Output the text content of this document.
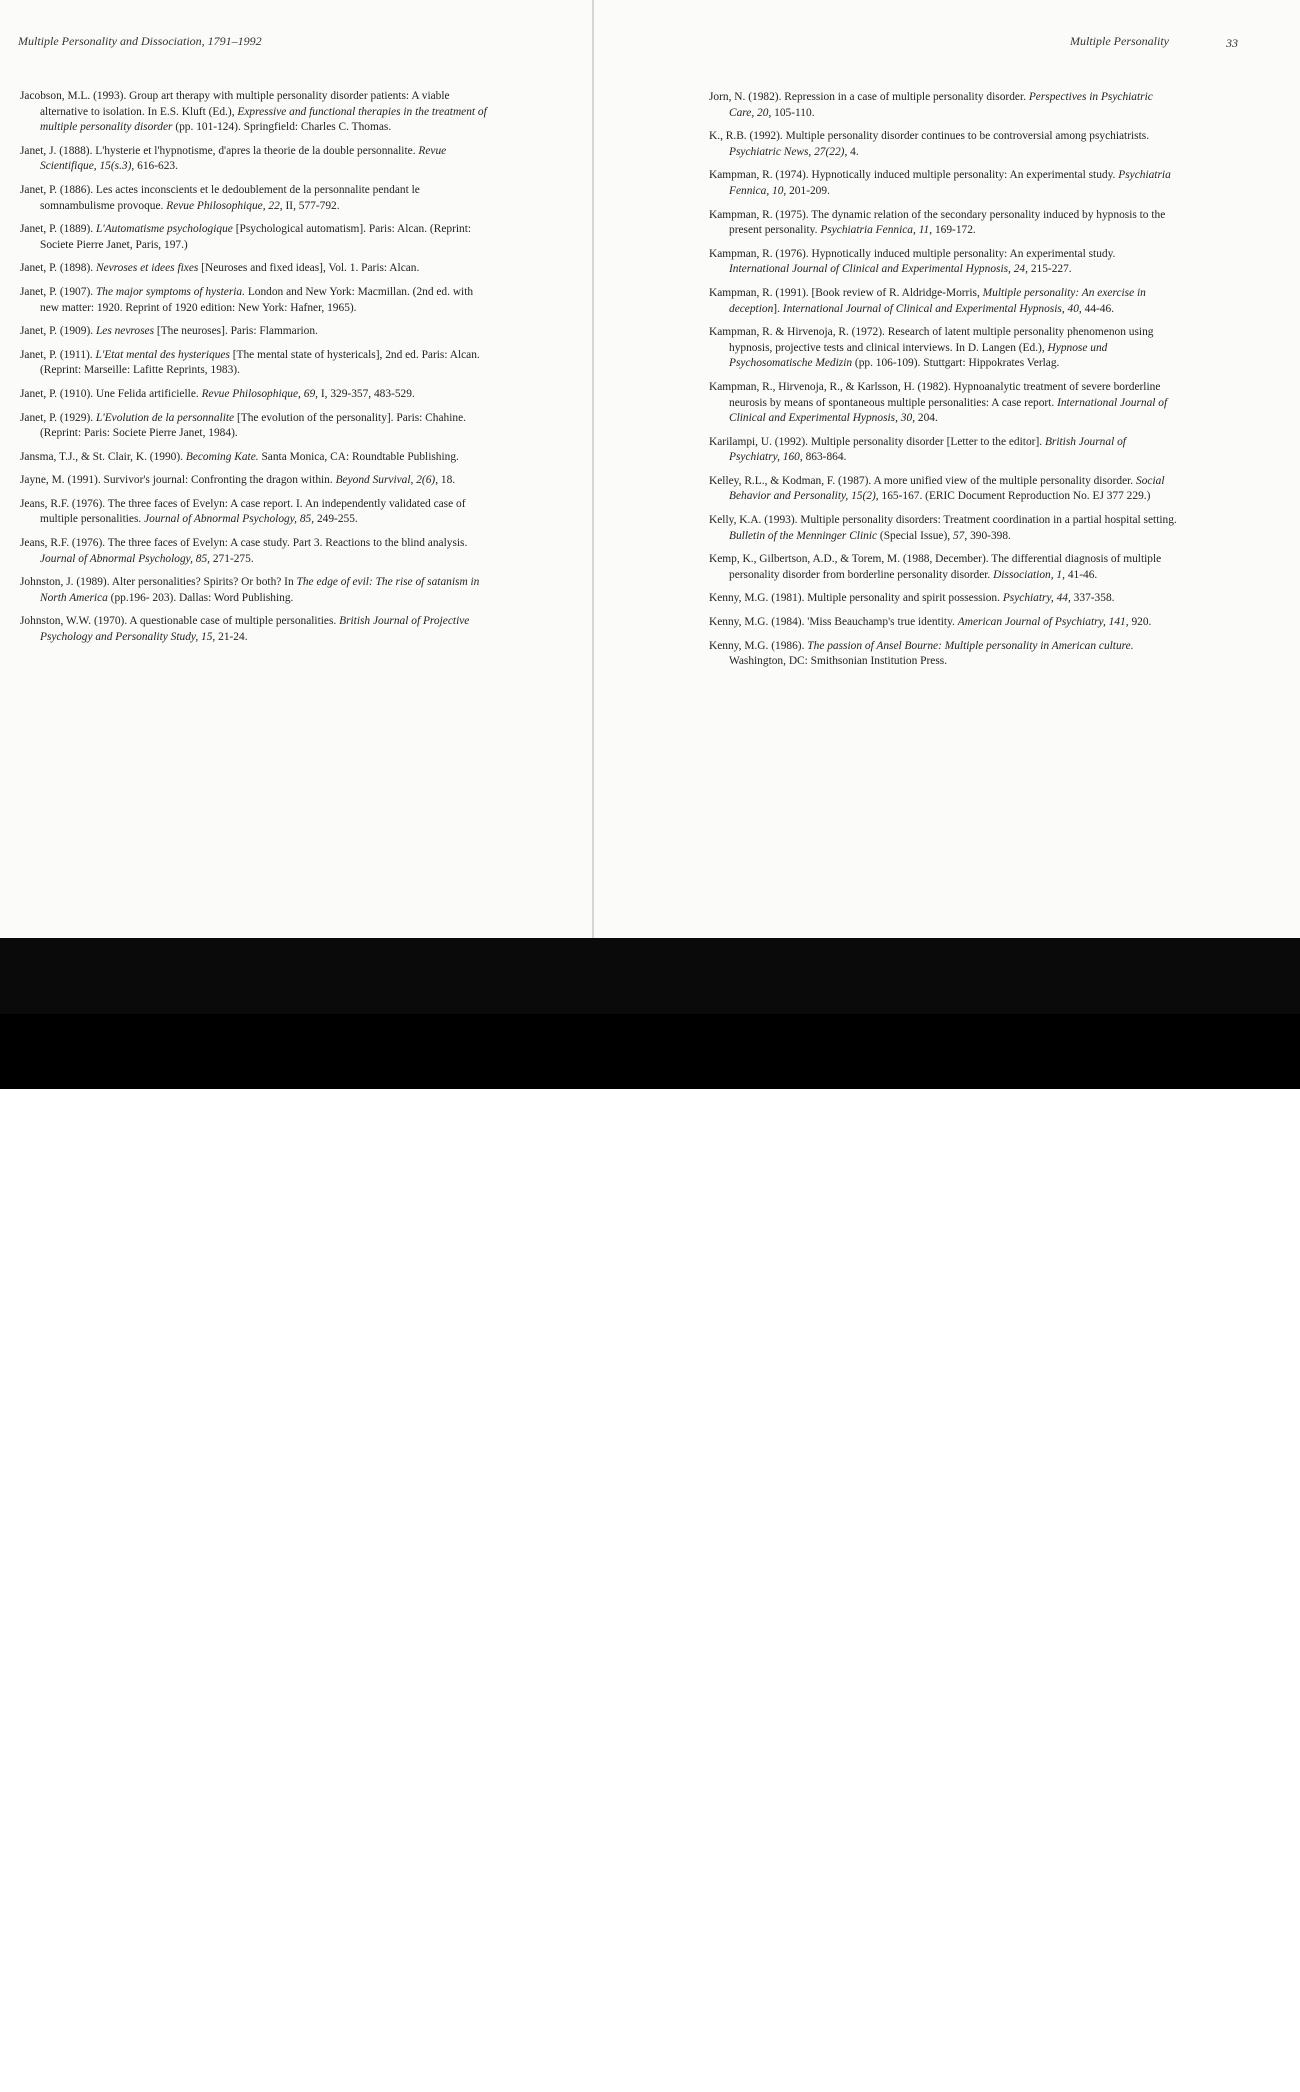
Multiple Personality and Dissociation, 1791–1992	Multiple Personality	33

Jacobson, M.L. (1993). Group art therapy with multiple personality disorder patients: A viable alternative to isolation. In E.S. Kluft (Ed.), Expressive and functional therapies in the treatment of multiple personality disorder (pp. 101-124). Springfield: Charles C. Thomas.

Janet, J. (1888). L'hysterie et l'hypnotisme, d'apres la theorie de la double personnalite. Revue Scientifique, 15(s.3), 616-623.

Janet, P. (1886). Les actes inconscients et le dedoublement de la personnalite pendant le somnambulisme provoque. Revue Philosophique, 22, II, 577-792.

Janet, P. (1889). L'Automatisme psychologique [Psychological automatism]. Paris: Alcan. (Reprint: Societe Pierre Janet, Paris, 197.)

Janet, P. (1898). Nevroses et idees fixes [Neuroses and fixed ideas], Vol. 1. Paris: Alcan.

Janet, P. (1907). The major symptoms of hysteria. London and New York: Macmillan. (2nd ed. with new matter: 1920. Reprint of 1920 edition: New York: Hafner, 1965).

Janet, P. (1909). Les nevroses [The neuroses]. Paris: Flammarion.

Janet, P. (1911). L'Etat mental des hysteriques [The mental state of hystericals], 2nd ed. Paris: Alcan. (Reprint: Marseille: Lafitte Reprints, 1983).

Janet, P. (1910). Une Felida artificielle. Revue Philosophique, 69, I, 329-357, 483-529.

Janet, P. (1929). L'Evolution de la personnalite [The evolution of the personality]. Paris: Chahine. (Reprint: Paris: Societe Pierre Janet, 1984).

Jansma, T.J., & St. Clair, K. (1990). Becoming Kate. Santa Monica, CA: Roundtable Publishing.

Jayne, M. (1991). Survivor's journal: Confronting the dragon within. Beyond Survival, 2(6), 18.

Jeans, R.F. (1976). The three faces of Evelyn: A case report. I. An independently validated case of multiple personalities. Journal of Abnormal Psychology, 85, 249-255.

Jeans, R.F. (1976). The three faces of Evelyn: A case study. Part 3. Reactions to the blind analysis. Journal of Abnormal Psychology, 85, 271-275.

Johnston, J. (1989). Alter personalities? Spirits? Or both? In The edge of evil: The rise of satanism in North America (pp.196- 203). Dallas: Word Publishing.

Johnston, W.W. (1970). A questionable case of multiple personalities. British Journal of Projective Psychology and Personality Study, 15, 21-24.

Jorn, N. (1982). Repression in a case of multiple personality disorder. Perspectives in Psychiatric Care, 20, 105-110.

K., R.B. (1992). Multiple personality disorder continues to be controversial among psychiatrists. Psychiatric News, 27(22), 4.

Kampman, R. (1974). Hypnotically induced multiple personality: An experimental study. Psychiatria Fennica, 10, 201-209.

Kampman, R. (1975). The dynamic relation of the secondary personality induced by hypnosis to the present personality. Psychiatria Fennica, 11, 169-172.

Kampman, R. (1976). Hypnotically induced multiple personality: An experimental study. International Journal of Clinical and Experimental Hypnosis, 24, 215-227.

Kampman, R. (1991). [Book review of R. Aldridge-Morris, Multiple personality: An exercise in deception]. International Journal of Clinical and Experimental Hypnosis, 40, 44-46.

Kampman, R. & Hirvenoja, R. (1972). Research of latent multiple personality phenomenon using hypnosis, projective tests and clinical interviews. In D. Langen (Ed.), Hypnose und Psychosomatische Medizin (pp. 106-109). Stuttgart: Hippokrates Verlag.

Kampman, R., Hirvenoja, R., & Karlsson, H. (1982). Hypnoanalytic treatment of severe borderline neurosis by means of spontaneous multiple personalities: A case report. International Journal of Clinical and Experimental Hypnosis, 30, 204.

Karilampi, U. (1992). Multiple personality disorder [Letter to the editor]. British Journal of Psychiatry, 160, 863-864.

Kelley, R.L., & Kodman, F. (1987). A more unified view of the multiple personality disorder. Social Behavior and Personality, 15(2), 165-167. (ERIC Document Reproduction No. EJ 377 229.)

Kelly, K.A. (1993). Multiple personality disorders: Treatment coordination in a partial hospital setting. Bulletin of the Menninger Clinic (Special Issue), 57, 390-398.

Kemp, K., Gilbertson, A.D., & Torem, M. (1988, December). The differential diagnosis of multiple personality disorder from borderline personality disorder. Dissociation, 1, 41-46.

Kenny, M.G. (1981). Multiple personality and spirit possession. Psychiatry, 44, 337-358.

Kenny, M.G. (1984). 'Miss Beauchamp's true identity. American Journal of Psychiatry, 141, 920.

Kenny, M.G. (1986). The passion of Ansel Bourne: Multiple personality in American culture. Washington, DC: Smithsonian Institution Press.

alamy	Image ID: 3APJPRT
www.alamy.com
